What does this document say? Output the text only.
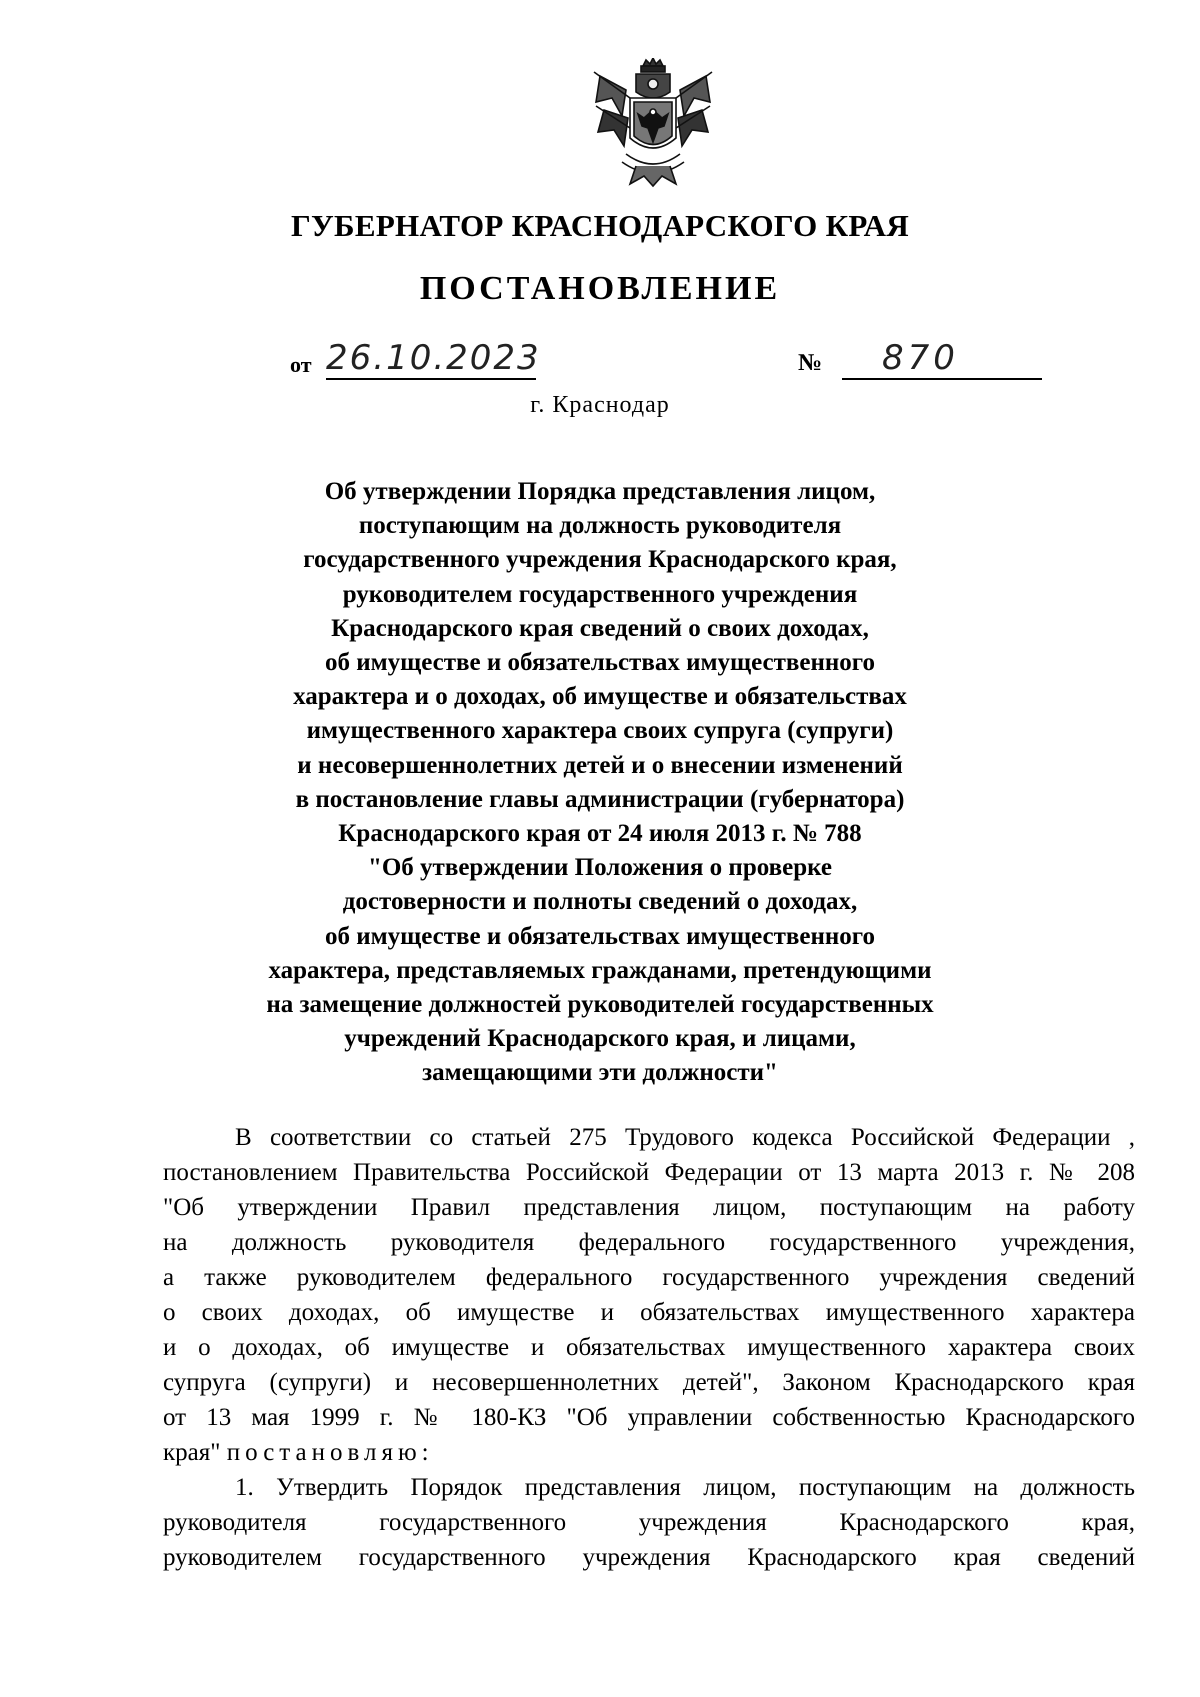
ГУБЕРНАТОР КРАСНОДАРСКОГО КРАЯ
ПОСТАНОВЛЕНИЕ
от 26.10.2023	№	870
г. Краснодар
Об утверждении Порядка представления лицом,
поступающим на должность руководителя
государственного учреждения Краснодарского края,
руководителем государственного учреждения
Краснодарского края сведений о своих доходах,
об имуществе и обязательствах имущественного
характера и о доходах, об имуществе и обязательствах
имущественного характера своих супруга (супруги)
и несовершеннолетних детей и о внесении изменений
в постановление главы администрации (губернатора)
Краснодарского края от 24 июля 2013 г. № 788
"Об утверждении Положения о проверке
достоверности и полноты сведений о доходах,
об имуществе и обязательствах имущественного
характера, представляемых гражданами, претендующими
на замещение должностей руководителей государственных
учреждений Краснодарского края, и лицами,
замещающими эти должности"
В соответствии со статьей 275 Трудового кодекса Российской Федерации ,
постановлением Правительства Российской Федерации от 13 марта 2013 г. № 208
"Об утверждении Правил представления лицом, поступающим на работу
на должность руководителя федерального государственного учреждения,
а также руководителем федерального государственного учреждения сведений
о своих доходах, об имуществе и обязательствах имущественного характера
и о доходах, об имуществе и обязательствах имущественного характера своих
супруга (супруги) и несовершеннолетних детей", Законом Краснодарского края
от 13 мая 1999 г. № 180-КЗ "Об управлении собственностью Краснодарского
края" постановляю:
1. Утвердить Порядок представления лицом, поступающим на должность
руководителя государственного учреждения Краснодарского края,
руководителем государственного учреждения Краснодарского края сведений
